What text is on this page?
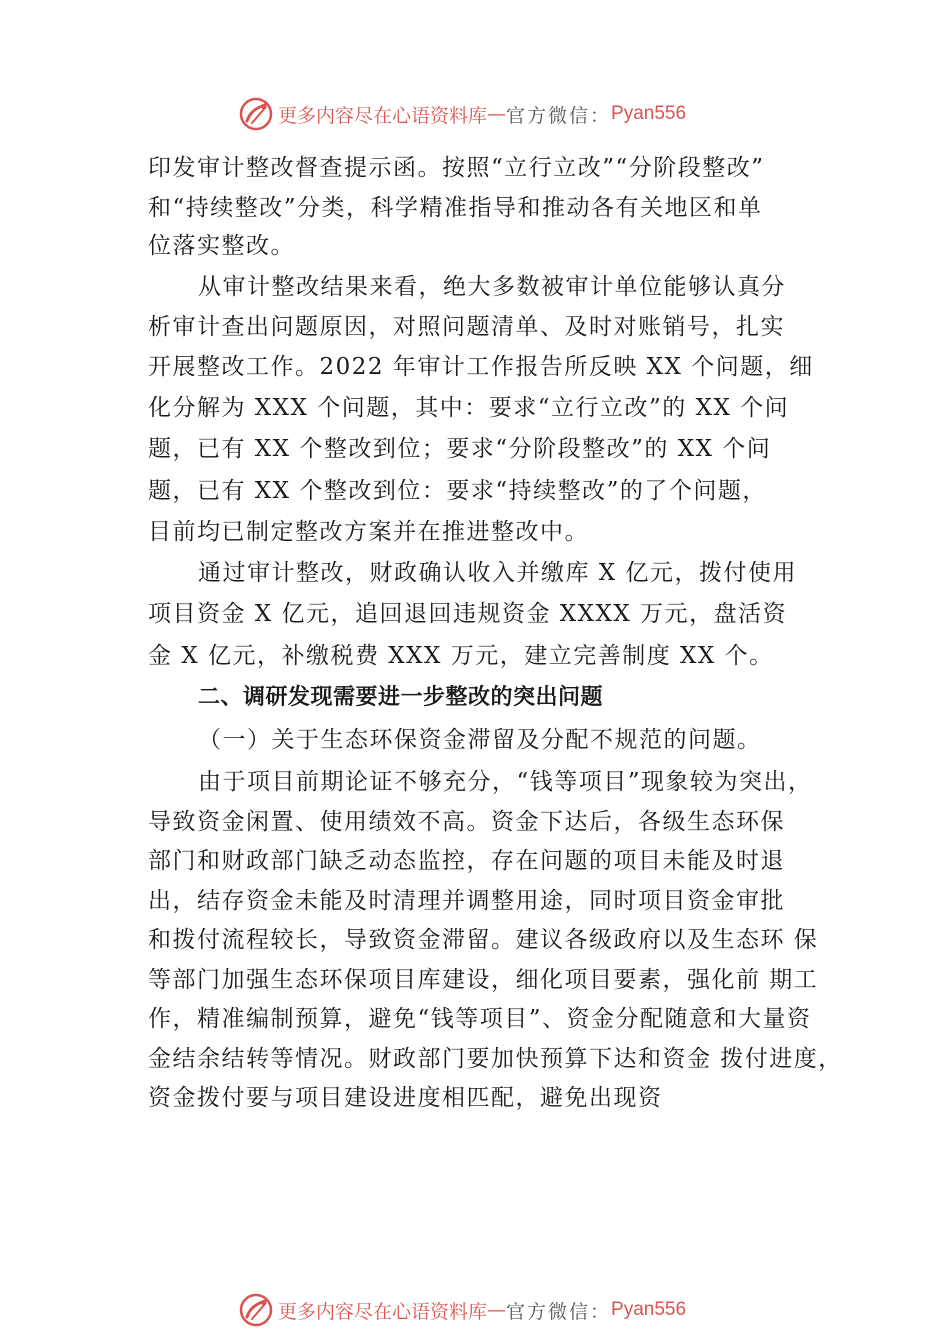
更多内容尽在心语资料库 — 官方微信： Pyan556
印发审计整改督查提示函。按照“立行立改”“分阶段整改”
和“持续整改”分类，科学精准指导和推动各有关地区和单
位落实整改。
从审计整改结果来看，绝大多数被审计单位能够认真分
析审计查出问题原因，对照问题清单、及时对账销号，扎实
开展整改工作。2022 年审计工作报告所反映 XX 个问题，细
化分解为 XXX 个问题，其中：要求“立行立改”的 XX 个问
题，已有 XX 个整改到位；要求“分阶段整改”的 XX 个问
题，已有 XX 个整改到位：要求“持续整改”的了个问题，
目前均已制定整改方案并在推进整改中。
通过审计整改，财政确认收入并缴库 X 亿元，拨付使用
项目资金 X 亿元，追回退回违规资金 XXXX 万元，盘活资
金 X 亿元，补缴税费 XXX 万元，建立完善制度 XX 个。
二、调研发现需要进一步整改的突出问题
（一）关于生态环保资金滞留及分配不规范的问题。
由于项目前期论证不够充分，“钱等项目”现象较为突出，
导致资金闲置、使用绩效不高。资金下达后，各级生态环保
部门和财政部门缺乏动态监控，存在问题的项目未能及时退
出，结存资金未能及时清理并调整用途，同时项目资金审批
和拨付流程较长，导致资金滞留。建议各级政府以及生态环 保
等部门加强生态环保项目库建设，细化项目要素，强化前 期工
作，精准编制预算，避免“钱等项目”、资金分配随意和大量资
金结余结转等情况。财政部门要加快预算下达和资金 拨付进度，
资金拨付要与项目建设进度相匹配，避免出现资
更多内容尽在心语资料库 — 官方微信： Pyan556
